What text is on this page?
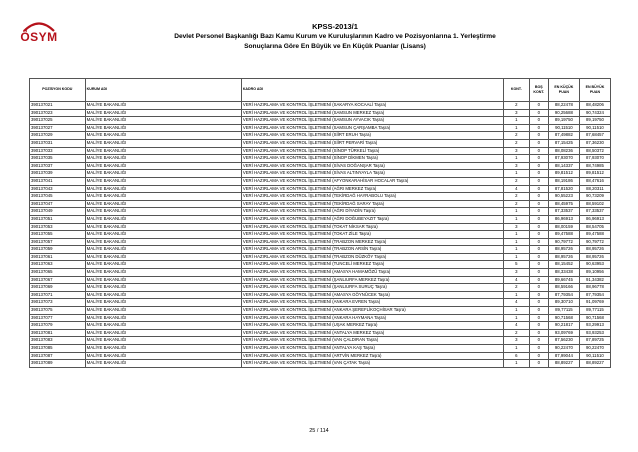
ÖSYM
KPSS-2013/1
Devlet Personel Başkanlığı Bazı Kamu Kurum ve Kuruluşlarının Kadro ve Pozisyonlarına 1. Yerleştirme
Sonuçlarına Göre En Büyük ve En Küçük Puanlar (Lisans)
POZİSYON KODU	KURUM ADI	KADRO ADI	KONT.	BOŞ KONT.	EN KÜÇÜK PUAN	EN BÜYÜK PUAN
390137021	MALİYE BAKANLIĞI	VERİ HAZIRLAMA VE KONTROL İŞLETMENİ (SAKARYA KOCAALİ Taşra)	2	0	88,22478	88,48206
390137023	MALİYE BAKANLIĞI	VERİ HAZIRLAMA VE KONTROL İŞLETMENİ (SAMSUN MERKEZ Taşra)	3	0	90,25688	90,74324
390137025	MALİYE BAKANLIĞI	VERİ HAZIRLAMA VE KONTROL İŞLETMENİ (SAMSUN AYVACIK Taşra)	1	0	89,19750	89,19750
390137027	MALİYE BAKANLIĞI	VERİ HAZIRLAMA VE KONTROL İŞLETMENİ (SAMSUN ÇARŞAMBA Taşra)	1	0	90,11510	90,11510
390137029	MALİYE BAKANLIĞI	VERİ HAZIRLAMA VE KONTROL İŞLETMENİ (SİİRT ERUH Taşra)	2	0	87,49882	87,68457
390137031	MALİYE BAKANLIĞI	VERİ HAZIRLAMA VE KONTROL İŞLETMENİ (SİİRT PERVARİ Taşra)	2	0	87,15425	87,36230
390137033	MALİYE BAKANLIĞI	VERİ HAZIRLAMA VE KONTROL İŞLETMENİ (SİNOP TÜRKELİ Taşra)	3	0	88,08236	88,50372
390137035	MALİYE BAKANLIĞI	VERİ HAZIRLAMA VE KONTROL İŞLETMENİ (SİNOP DİKMEN Taşra)	1	0	87,93070	87,93070
390137037	MALİYE BAKANLIĞI	VERİ HAZIRLAMA VE KONTROL İŞLETMENİ (SİVAS DOĞANŞAR Taşra)	3	0	88,14337	88,74985
390137039	MALİYE BAKANLIĞI	VERİ HAZIRLAMA VE KONTROL İŞLETMENİ (SİVAS ALTINYAYLA Taşra)	1	0	89,81512	89,81512
390137041	MALİYE BAKANLIĞI	VERİ HAZIRLAMA VE KONTROL İŞLETMENİ (AFYONKARAHİSAR HOCALAR Taşra)	2	0	88,19186	88,47616
390137043	MALİYE BAKANLIĞI	VERİ HAZIRLAMA VE KONTROL İŞLETMENİ (AĞRI MERKEZ Taşra)	4	0	87,81520	88,20311
390137045	MALİYE BAKANLIĞI	VERİ HAZIRLAMA VE KONTROL İŞLETMENİ (TEKİRDAĞ HAYRABOLU Taşra)	2	0	90,55223	90,73209
390137047	MALİYE BAKANLIĞI	VERİ HAZIRLAMA VE KONTROL İŞLETMENİ (TEKİRDAĞ SARAY Taşra)	2	0	88,45975	88,59102
390137049	MALİYE BAKANLIĞI	VERİ HAZIRLAMA VE KONTROL İŞLETMENİ (AĞRI DİYADİN Taşra)	1	0	87,33537	87,33537
390137051	MALİYE BAKANLIĞI	VERİ HAZIRLAMA VE KONTROL İŞLETMENİ (AĞRI DOĞUBEYAZIT Taşra)	1	0	86,96913	86,96913
390137053	MALİYE BAKANLIĞI	VERİ HAZIRLAMA VE KONTROL İŞLETMENİ (TOKAT NİKSAR Taşra)	3	0	88,00159	88,54705
390137055	MALİYE BAKANLIĞI	VERİ HAZIRLAMA VE KONTROL İŞLETMENİ (TOKAT ZİLE Taşra)	1	0	89,47588	89,47588
390137057	MALİYE BAKANLIĞI	VERİ HAZIRLAMA VE KONTROL İŞLETMENİ (TRABZON MERKEZ Taşra)	1	0	90,79772	90,79772
390137059	MALİYE BAKANLIĞI	VERİ HAZIRLAMA VE KONTROL İŞLETMENİ (TRABZON ARSİN Taşra)	1	0	88,95726	88,95726
390137061	MALİYE BAKANLIĞI	VERİ HAZIRLAMA VE KONTROL İŞLETMENİ (TRABZON DÜZKÖY Taşra)	1	0	88,95726	88,95726
390137063	MALİYE BAKANLIĞI	VERİ HAZIRLAMA VE KONTROL İŞLETMENİ (TUNCELİ MERKEZ Taşra)	5	0	88,15452	90,63953
390137065	MALİYE BAKANLIĞI	VERİ HAZIRLAMA VE KONTROL İŞLETMENİ (AMASYA HAMAMÖZÜ Taşra)	3	0	88,33438	89,10956
390137067	MALİYE BAKANLIĞI	VERİ HAZIRLAMA VE KONTROL İŞLETMENİ (ŞANLIURFA MERKEZ Taşra)	4	0	89,66745	91,34382
390137069	MALİYE BAKANLIĞI	VERİ HAZIRLAMA VE KONTROL İŞLETMENİ (ŞANLIURFA SURUÇ Taşra)	2	0	88,59166	88,96778
390137071	MALİYE BAKANLIĞI	VERİ HAZIRLAMA VE KONTROL İŞLETMENİ (AMASYA GÖYNÜCEK Taşra)	1	0	87,79354	87,79354
390137073	MALİYE BAKANLIĞI	VERİ HAZIRLAMA VE KONTROL İŞLETMENİ (ANKARA EVREN Taşra)	4	0	89,30710	91,09769
390137075	MALİYE BAKANLIĞI	VERİ HAZIRLAMA VE KONTROL İŞLETMENİ (ANKARA ŞEREFLİKOÇHİSAR Taşra)	1	0	89,77115	89,77115
390137077	MALİYE BAKANLIĞI	VERİ HAZIRLAMA VE KONTROL İŞLETMENİ (ANKARA HAYMANA Taşra)	1	0	90,71568	90,71568
390137079	MALİYE BAKANLIĞI	VERİ HAZIRLAMA VE KONTROL İŞLETMENİ (UŞAK MERKEZ Taşra)	4	0	90,21817	93,29913
390137081	MALİYE BAKANLIĞI	VERİ HAZIRLAMA VE KONTROL İŞLETMENİ (ANTALYA MERKEZ Taşra)	2	0	93,09769	93,93253
390137083	MALİYE BAKANLIĞI	VERİ HAZIRLAMA VE KONTROL İŞLETMENİ (VAN ÇALDIRAN Taşra)	3	0	87,56230	87,89725
390137085	MALİYE BAKANLIĞI	VERİ HAZIRLAMA VE KONTROL İŞLETMENİ (ANTALYA KAŞ Taşra)	1	0	90,22470	90,22470
390137087	MALİYE BAKANLIĞI	VERİ HAZIRLAMA VE KONTROL İŞLETMENİ (ARTVİN MERKEZ Taşra)	6	0	87,99044	90,11510
390137089	MALİYE BAKANLIĞI	VERİ HAZIRLAMA VE KONTROL İŞLETMENİ (VAN ÇATAK Taşra)	1	0	88,89227	88,89227
25 / 114
